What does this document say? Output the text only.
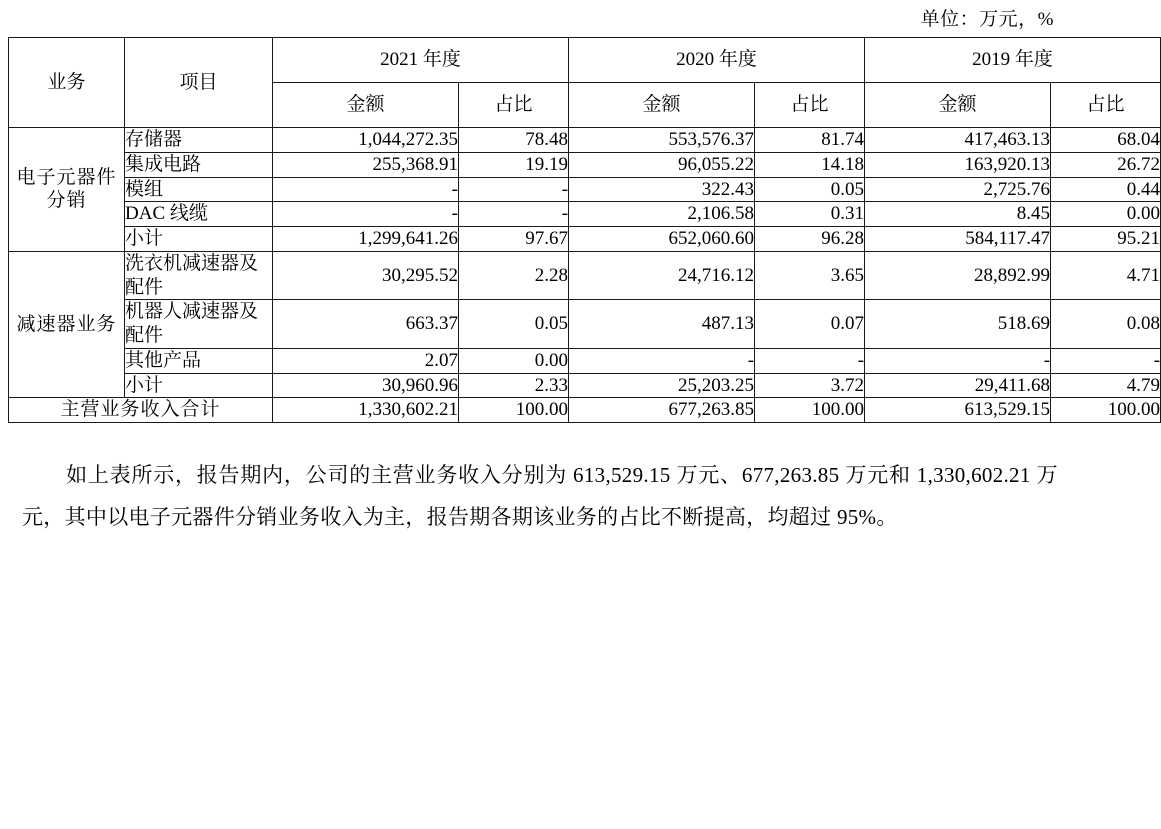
单位：万元，%
业务	项目	2021 年度		2020 年度		2019 年度	
		金额	占比	金额	占比	金额	占比
电子元器件分销	存储器	1,044,272.35	78.48	553,576.37	81.74	417,463.13	68.04
	集成电路	255,368.91	19.19	96,055.22	14.18	163,920.13	26.72
	模组	-	-	322.43	0.05	2,725.76	0.44
	DAC 线缆	-	-	2,106.58	0.31	8.45	0.00
	小计	1,299,641.26	97.67	652,060.60	96.28	584,117.47	95.21
减速器业务	洗衣机减速器及配件	30,295.52	2.28	24,716.12	3.65	28,892.99	4.71
	机器人减速器及配件	663.37	0.05	487.13	0.07	518.69	0.08
	其他产品	2.07	0.00	-	-	-	-
	小计	30,960.96	2.33	25,203.25	3.72	29,411.68	4.79
主营业务收入合计		1,330,602.21	100.00	677,263.85	100.00	613,529.15	100.00

如上表所示，报告期内，公司的主营业务收入分别为 613,529.15 万元、677,263.85 万元和 1,330,602.21 万元，其中以电子元器件分销业务收入为主，报告期各期该业务的占比不断提高，均超过 95%。
